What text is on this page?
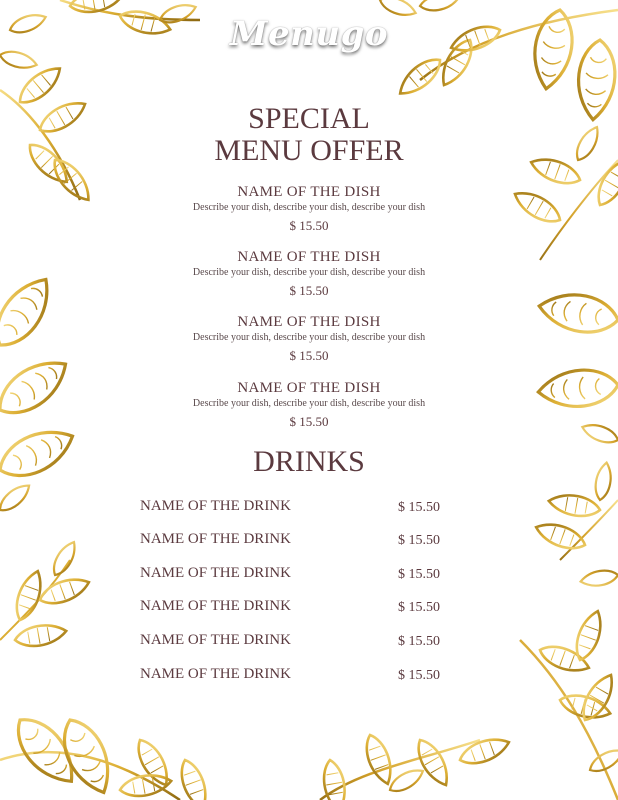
Menugo
SPECIAL
MENU OFFER
NAME OF THE DISH
Describe your dish, describe your dish, describe your dish
$ 15.50
NAME OF THE DISH
Describe your dish, describe your dish, describe your dish
$ 15.50
NAME OF THE DISH
Describe your dish, describe your dish, describe your dish
$ 15.50
NAME OF THE DISH
Describe your dish, describe your dish, describe your dish
$ 15.50
DRINKS
NAME OF THE DRINK	$ 15.50
NAME OF THE DRINK	$ 15.50
NAME OF THE DRINK	$ 15.50
NAME OF THE DRINK	$ 15.50
NAME OF THE DRINK	$ 15.50
NAME OF THE DRINK	$ 15.50
